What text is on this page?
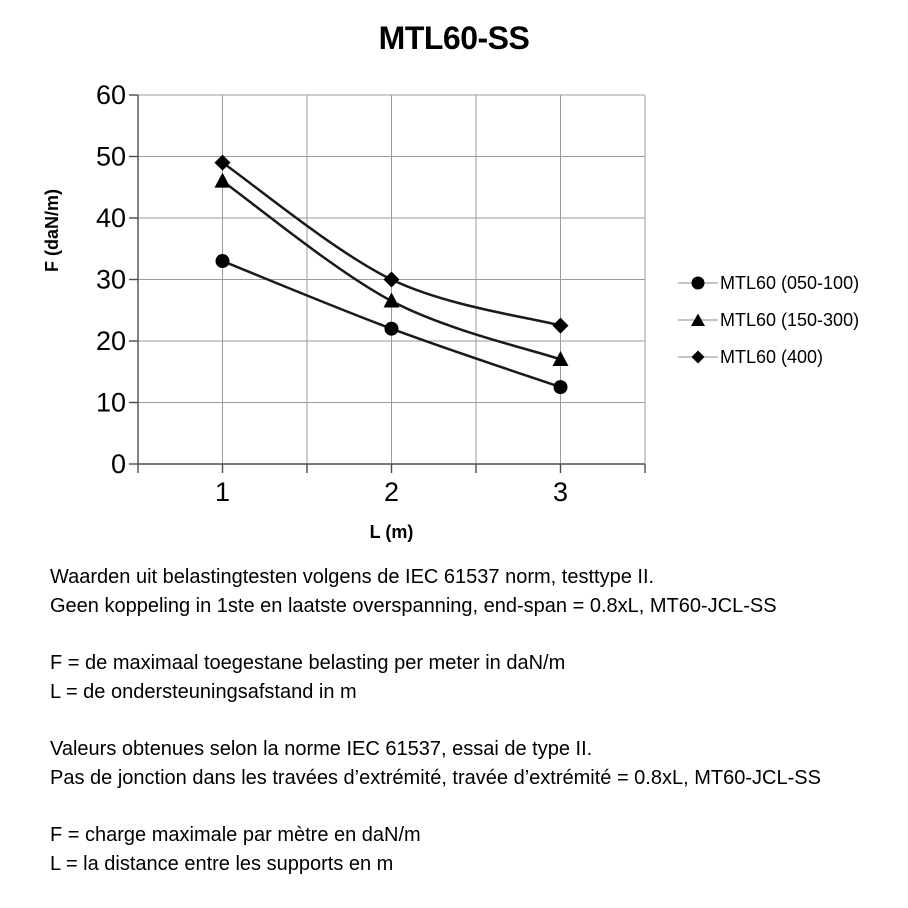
MTL60-SS
0
10
20
30
40
50
60
1	2	3
F (daN/m)
L (m)
MTL60 (050-100)
MTL60 (150-300)
MTL60 (400)
Waarden uit belastingtesten volgens de IEC 61537 norm, testtype II.
Geen koppeling in 1ste en laatste overspanning, end-span = 0.8xL, MT60-JCL-SS
F = de maximaal toegestane belasting per meter in daN/m
L = de ondersteuningsafstand in m
Valeurs obtenues selon la norme IEC 61537, essai de type II.
Pas de jonction dans les travées d’extrémité, travée d’extrémité = 0.8xL, MT60-JCL-SS
F = charge maximale par mètre en daN/m
L = la distance entre les supports en m
